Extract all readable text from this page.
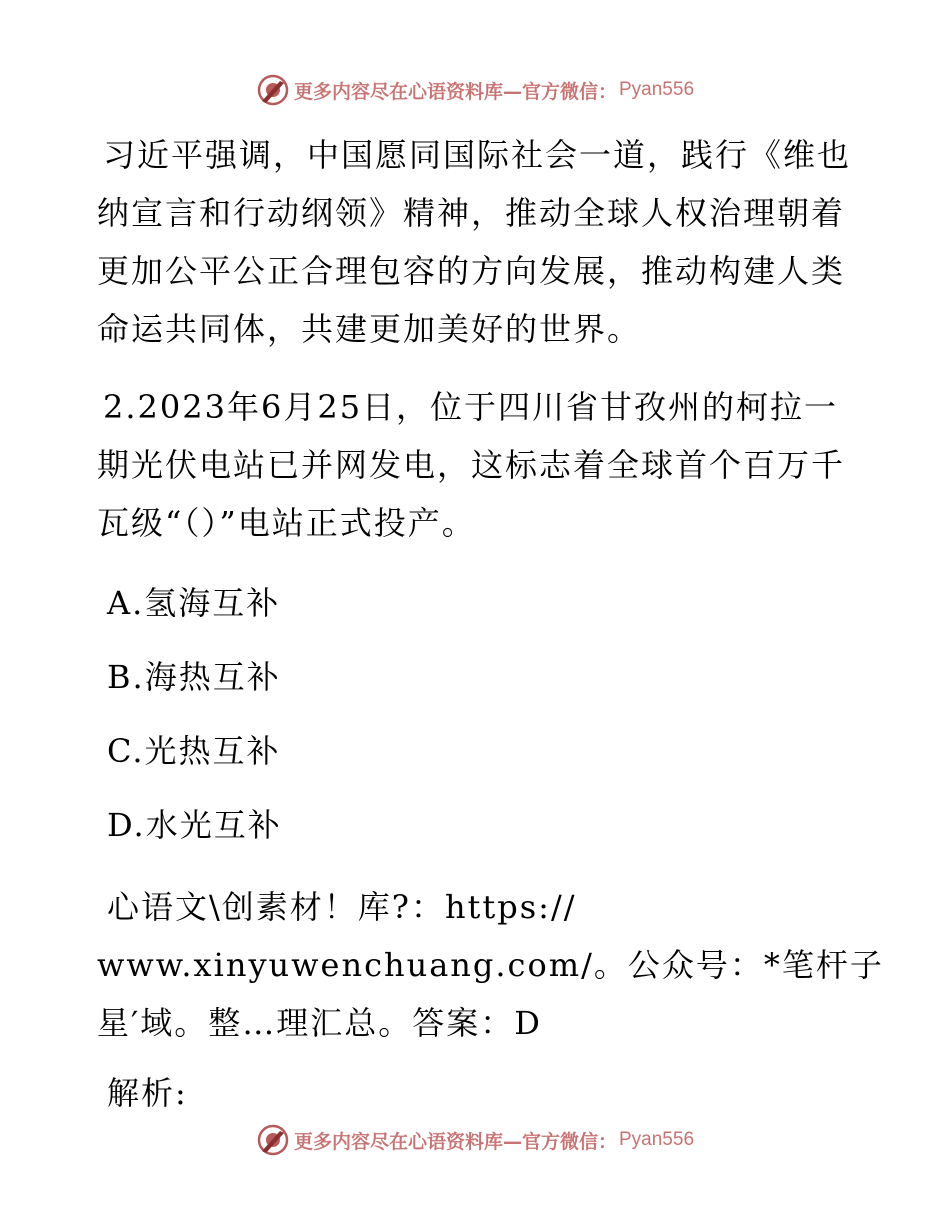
更多内容尽在心语资料库—官方微信： Pyan556

习近平强调，中国愿同国际社会一道，践行《维也纳宣言和行动纲领》精神，推动全球人权治理朝着更加公平公正合理包容的方向发展，推动构建人类命运共同体，共建更加美好的世界。

2.2023年6月25日，位于四川省甘孜州的柯拉一期光伏电站已并网发电，这标志着全球首个百万千瓦级“（）”电站正式投产。

A.氢海互补

B.海热互补

C.光热互补

D.水光互补

心语文\创素材！库?：https://
www.xinyuwenchuang.com/。公众号：*笔杆子
星′域。整…理汇总。答案：D
解析:
更多内容尽在心语资料库—官方微信： Pyan556
